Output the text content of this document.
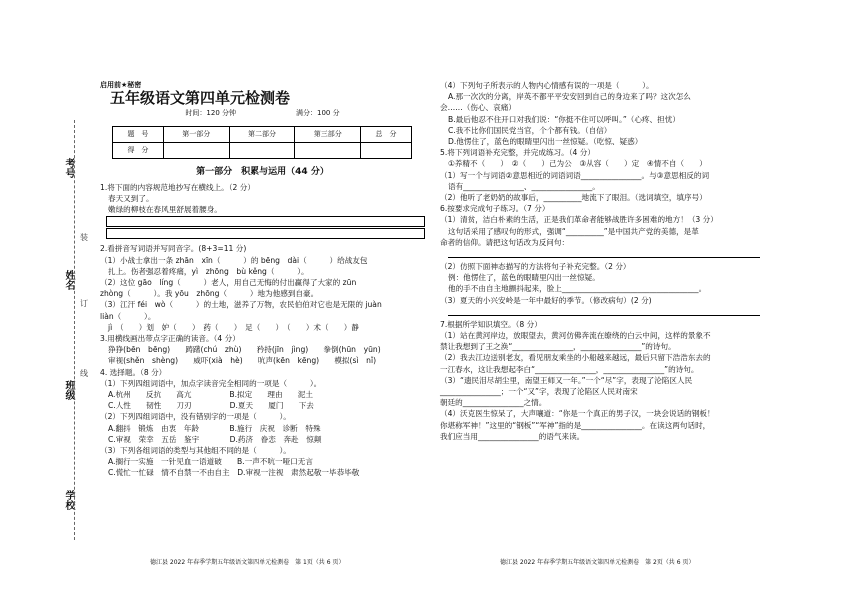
考号
姓名
班级
学校
装
订
线
启用前★秘密
五年级语文第四单元检测卷
时间：120 分钟	满分：100 分
题　号	第一部分	第二部分	第三部分	总　分
得　分				
第一部分　积累与运用（44 分）
1.将下面的内容规范地抄写在横线上。（2 分）
春天又到了。
嫩绿的柳枝在春风里舒展着腰身。
2.看拼音写词语并写同音字。(8+3=11 分)
（1）小战士拿出一条 zhān　xīn（　　　）的 bēng　dài（　　　）给战友包
扎上。伤者强忍着疼痛，yì　zhōng　bù kěng（　　　）。
（2）这位 gāo　líng（　　　）老人，用自己无悔的付出赢得了大家的 zūn
zhòng（　　　）。我 yōu　zhōng（　　　）地为他感到自豪。
（3）江汗 féi　wò（　　　）的土地，滋养了万物，农民伯伯对它也是无限的 juàn
liàn（　　　）。
jì　（　　）划　妒（　　）　药（　　）　足（　　）　（　　）术（　　）静
3.用横线画出带点字正确的读音。（4 分）
狰狰(bēn　bēng)　　踌躇(chú　zhù)　　矜持(jīn　jìng)　　拳倒(hūn　yūn)
审视(shěn　shèng)　　威吓(xià　hè)　　吭声(kēn　kēng)　　模拟(sì　nǐ)
4. 选择题。（8 分）
（1）下列四组词语中，加点字读音完全相同的一项是（　　　）。
A.杭州　　反抗　　高亢　　　　　B.拟定　　理由　　泥土
C.人性　　韧性　　刀刃　　　　　D.夏天　　厦门　　下去
（2）下列四组词语中，没有错别字的一项是（　　　）。
A.翻抖　锻炼　由衷　年龄　　　　B.施行　庆祝　诊断　特殊
C.审视　荣幸　五岳　鉴宇　　　　D.药济　眷恋　奔赴　惊颠
（3）下列各组词语的类型与其他组不同的是（　　　）。
A.搁行一实施　一针见血一语道破　　B.一声不吭一哑口无言
C.慌忙一忙碌　情不自禁一不由自主　D.审视一注视　肃然起敬一毕恭毕敬
德江县 2022 年春季学期五年级语文第四单元检测卷　第 1页（共 6 页）
（4）下列句子所表示的人物内心情感有误的一项是（　　　）。
A.那一次次的分离，岸英不都平平安安回到自己的身边来了吗？这次怎么
会……（伤心、哀痛）
B.最后他忍不住开口对我们说：“你挺不住可以呼叫。”（心疼、担忧）
C.我不比你们国民党当官，个个都有钱。（自信）
D.他愣住了，蓝色的眼睛里闪出一丝惊疑。（吃惊、疑惑）
5.将下列词语补充完整，并完成练习。（4 分）
①养精不（　　）　②（　　）己为公　③从容（　　）定　④情不自（　　）
（1）写一个与词语②意思相近的词语词语________________。与③意思相反的词
语有________________、________________。
（2）他听了老奶奶的故事后，__________地流下了眼泪。（选词填空，填序号）
6.按要求完成句子练习。（7 分）
（1）清贫，洁白朴素的生活，正是我们革命者能够战胜许多困难的地方！（3 分）
这句话采用了感叹句的形式，强调“__________”是中国共产党的美德，是革
命者的信仰。请把这句话改为反问句：
（2）仿照下面神态描写的方法将句子补充完整。（2 分）
例：他愣住了，蓝色的眼睛里闪出一丝惊疑。
他的手不由自主地颤抖起来，脸上____________________________________。
（3）夏天的小兴安岭是一年中最好的季节。（修改病句）(2 分)
7.根据所学知识填空。（8 分）
（1）站在黄河岸边，放眼望去，黄河仿佛奔流在缭绕的白云中间，这样的景象不
禁让我想到了王之涣“________________，________________”的诗句。
（2）我去江边送别老友，看见朋友乘坐的小船越来越远，最后只留下浩浩东去的
一江春水，这让我想起李白“________________，________________”的诗句。
（3）“遗民泪尽胡尘里，南望王师又一年。”一个“尽”字，表现了沦陷区人民
________________；一个“又”字，表现了沦陷区人民对南宋
朝廷的________________之情。
（4）沃克医生惊呆了，大声嚷道：“你是一个真正的男子汉，一块会说话的钢板！
你堪称军神！”这里的“钢板”“军神”指的是________________。在读这两句话时，
我们应当用________________的语气来读。
德江县 2022 年春季学期五年级语文第四单元检测卷　第 2页（共 6 页）
